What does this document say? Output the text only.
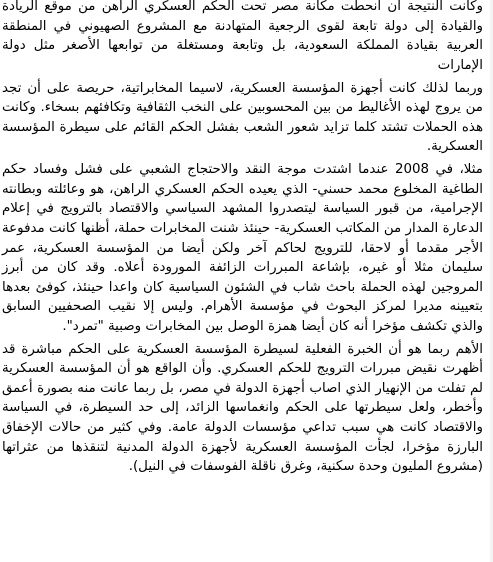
وكانت النتيجة أن انحطت مكانة مصر تحت الحكم العسكري الراهن من موقع الريادة والقيادة إلى دولة تابعة لقوى الرجعية المتهادنة مع المشروع الصهيوني في المنطقة العربية بقيادة المملكة السعودية، بل وتابعة ومستغلة من توابعها الأصغر مثل دولة الإمارات

وربما لذلك كانت أجهزة المؤسسة العسكرية، لاسيما المخابراتية، حريصة على أن تجد من يروج لهذه الأغاليط من بين المحسوبين على النخب الثقافية وتكافئهم بسخاء. وكانت هذه الحملات تشتد كلما تزايد شعور الشعب بفشل الحكم القائم على سيطرة المؤسسة العسكرية.

مثلا، في 2008 عندما اشتدت موجة النقد والاحتجاج الشعبي على فشل وفساد حكم الطاغية المخلوع محمد حسني- الذي يعيده الحكم العسكري الراهن، هو وعائلته وبطانته الإجرامية، من قبور السياسة ليتصدروا المشهد السياسي والاقتصاد بالترويج في إعلام الدعارة المدار من المكاتب العسكرية- حينئذ شنت المخابرات حملة، أظنها كانت مدفوعة الأجر مقدما أو لاحقا، للترويج لحاكم آخر ولكن أيضا من المؤسسة العسكرية، عمر سليمان مثلا أو غيره، بإشاعة المبررات الزائفة المورودة أعلاه. وقد كان من أبرز المروجين لهذه الحملة باحث شاب في الشئون السياسية كان واعدا حينئذ، كوفئ بعدها بتعيينه مديرا لمركز البحوث في مؤسسة الأهرام. وليس إلا نقيب الصحفيين السابق والذي تكشف مؤخرا أنه كان أيضا همزة الوصل بين المخابرات وصبية "تمرد".

الأهم ربما هو أن الخبرة الفعلية لسيطرة المؤسسة العسكرية على الحكم مباشرة قد أظهرت نقيض مبررات الترويج للحكم العسكري. وأن الواقع هو أن المؤسسة العسكرية لم تفلت من الإنهيار الذي اصاب أجهزة الدولة في مصر، بل ربما عانت منه بصورة أعمق وأخطر، ولعل سيطرتها على الحكم وانغماسها الزائد، إلى حد السيطرة، في السياسة والاقتصاد كانت هي سبب تداعي مؤسسات الدولة عامة. وفي كثير من حالات الإخفاق البارزة مؤخرا، لجأت المؤسسة العسكرية لأجهزة الدولة المدنية لتنقذها من عثراتها (مشروع المليون وحدة سكنية، وغرق ناقلة الفوسفات في النيل).
